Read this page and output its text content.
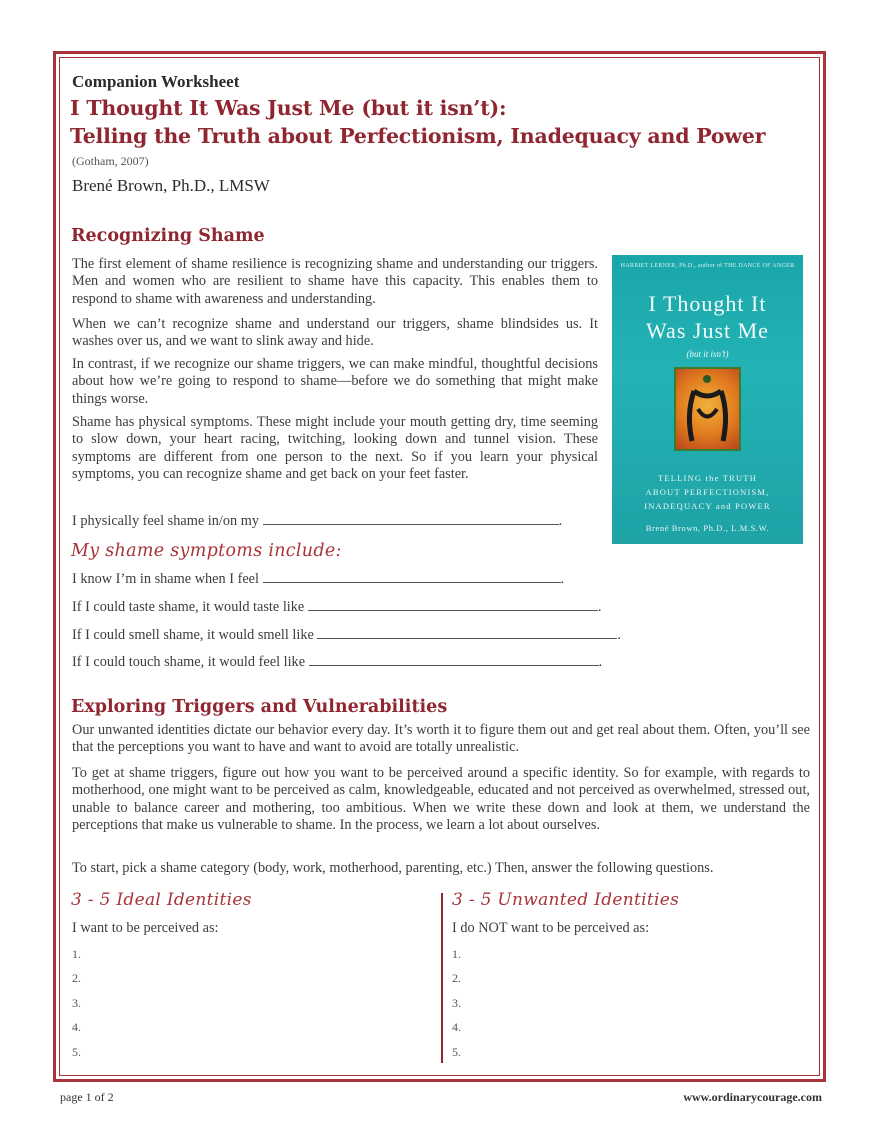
Companion Worksheet
I Thought It Was Just Me (but it isn’t):
Telling the Truth about Perfectionism, Inadequacy and Power
(Gotham, 2007)
Brené Brown, Ph.D., LMSW
Recognizing Shame
The first element of shame resilience is recognizing shame and understanding our triggers. Men and women who are resilient to shame have this capacity. This enables them to respond to shame with awareness and understanding.
When we can’t recognize shame and understand our triggers, shame blindsides us. It washes over us, and we want to slink away and hide.
In contrast, if we recognize our shame triggers, we can make mindful, thoughtful decisions about how we’re going to respond to shame—before we do something that might make things worse.
Shame has physical symptoms. These might include your mouth getting dry, time seeming to slow down, your heart racing, twitching, looking down and tunnel vision. These symptoms are different from one person to the next. So if you learn your physical symptoms, you can recognize shame and get back on your feet faster.
I physically feel shame in/on my	.
My shame symptoms include:
I know I’m in shame when I feel	.
If I could taste shame, it would taste like	.
If I could smell shame, it would smell like	.
If I could touch shame, it would feel like	.
HARRIET LERNER, Ph.D., author of THE DANCE OF ANGER
I Thought It
Was Just Me
(but it isn’t)
TELLING the TRUTH
ABOUT PERFECTIONISM,
INADEQUACY and POWER
Brené Brown, Ph.D., L.M.S.W.
Exploring Triggers and Vulnerabilities
Our unwanted identities dictate our behavior every day. It’s worth it to figure them out and get real about them. Often, you’ll see that the perceptions you want to have and want to avoid are totally unrealistic.
To get at shame triggers, figure out how you want to be perceived around a specific identity. So for example, with regards to motherhood, one might want to be perceived as calm, knowledgeable, educated and not perceived as overwhelmed, stressed out, unable to balance career and mothering, too ambitious. When we write these down and look at them, we understand the perceptions that make us vulnerable to shame. In the process, we learn a lot about ourselves.
To start, pick a shame category (body, work, motherhood, parenting, etc.) Then, answer the following questions.
3 - 5 Ideal Identities
I want to be perceived as:
1.
2.
3.
4.
5.
3 - 5 Unwanted Identities
I do NOT want to be perceived as:
1.
2.
3.
4.
5.
page 1 of 2	www.ordinarycourage.com
